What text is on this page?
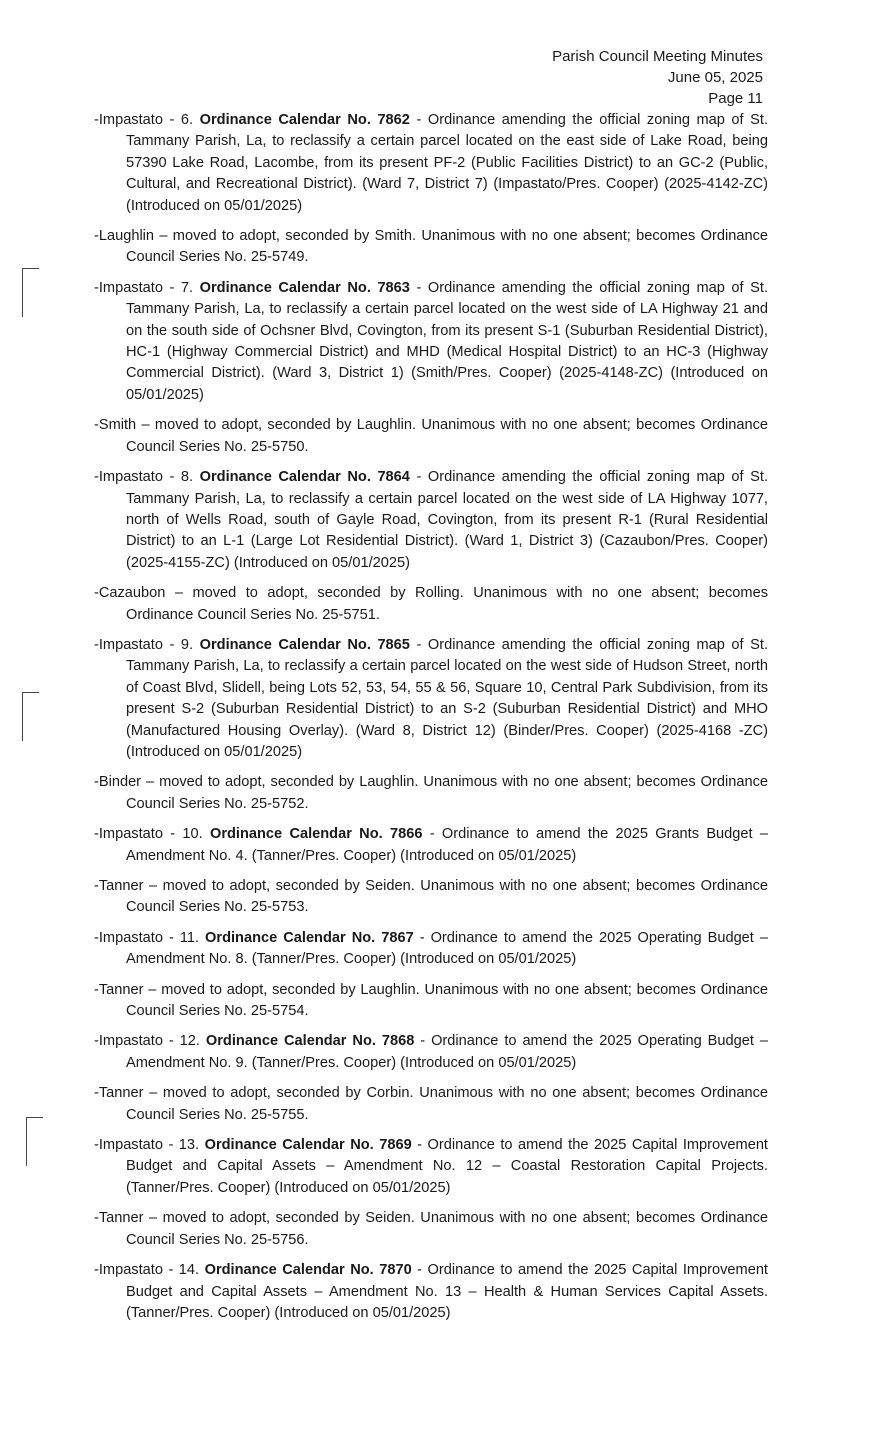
Parish Council Meeting Minutes
June 05, 2025
Page 11

-Impastato - 6. Ordinance Calendar No. 7862 - Ordinance amending the official zoning map of St. Tammany Parish, La, to reclassify a certain parcel located on the east side of Lake Road, being 57390 Lake Road, Lacombe, from its present PF-2 (Public Facilities District) to an GC-2 (Public, Cultural, and Recreational District). (Ward 7, District 7) (Impastato/Pres. Cooper) (2025-4142-ZC) (Introduced on 05/01/2025)

-Laughlin – moved to adopt, seconded by Smith. Unanimous with no one absent; becomes Ordinance Council Series No. 25-5749.

-Impastato - 7. Ordinance Calendar No. 7863 - Ordinance amending the official zoning map of St. Tammany Parish, La, to reclassify a certain parcel located on the west side of LA Highway 21 and on the south side of Ochsner Blvd, Covington, from its present S-1 (Suburban Residential District), HC-1 (Highway Commercial District) and MHD (Medical Hospital District) to an HC-3 (Highway Commercial District). (Ward 3, District 1) (Smith/Pres. Cooper) (2025-4148-ZC) (Introduced on 05/01/2025)

-Smith – moved to adopt, seconded by Laughlin. Unanimous with no one absent; becomes Ordinance Council Series No. 25-5750.

-Impastato - 8. Ordinance Calendar No. 7864 - Ordinance amending the official zoning map of St. Tammany Parish, La, to reclassify a certain parcel located on the west side of LA Highway 1077, north of Wells Road, south of Gayle Road, Covington, from its present R-1 (Rural Residential District) to an L-1 (Large Lot Residential District). (Ward 1, District 3) (Cazaubon/Pres. Cooper) (2025-4155-ZC) (Introduced on 05/01/2025)

-Cazaubon – moved to adopt, seconded by Rolling. Unanimous with no one absent; becomes Ordinance Council Series No. 25-5751.

-Impastato - 9. Ordinance Calendar No. 7865 - Ordinance amending the official zoning map of St. Tammany Parish, La, to reclassify a certain parcel located on the west side of Hudson Street, north of Coast Blvd, Slidell, being Lots 52, 53, 54, 55 & 56, Square 10, Central Park Subdivision, from its present S-2 (Suburban Residential District) to an S-2 (Suburban Residential District) and MHO (Manufactured Housing Overlay). (Ward 8, District 12) (Binder/Pres. Cooper) (2025-4168 -ZC) (Introduced on 05/01/2025)

-Binder – moved to adopt, seconded by Laughlin. Unanimous with no one absent; becomes Ordinance Council Series No. 25-5752.

-Impastato - 10. Ordinance Calendar No. 7866 - Ordinance to amend the 2025 Grants Budget – Amendment No. 4. (Tanner/Pres. Cooper) (Introduced on 05/01/2025)

-Tanner – moved to adopt, seconded by Seiden. Unanimous with no one absent; becomes Ordinance Council Series No. 25-5753.

-Impastato - 11. Ordinance Calendar No. 7867 - Ordinance to amend the 2025 Operating Budget – Amendment No. 8. (Tanner/Pres. Cooper) (Introduced on 05/01/2025)

-Tanner – moved to adopt, seconded by Laughlin. Unanimous with no one absent; becomes Ordinance Council Series No. 25-5754.

-Impastato - 12. Ordinance Calendar No. 7868 - Ordinance to amend the 2025 Operating Budget – Amendment No. 9. (Tanner/Pres. Cooper) (Introduced on 05/01/2025)

-Tanner – moved to adopt, seconded by Corbin. Unanimous with no one absent; becomes Ordinance Council Series No. 25-5755.

-Impastato - 13. Ordinance Calendar No. 7869 - Ordinance to amend the 2025 Capital Improvement Budget and Capital Assets – Amendment No. 12 – Coastal Restoration Capital Projects. (Tanner/Pres. Cooper) (Introduced on 05/01/2025)

-Tanner – moved to adopt, seconded by Seiden. Unanimous with no one absent; becomes Ordinance Council Series No. 25-5756.

-Impastato - 14. Ordinance Calendar No. 7870 - Ordinance to amend the 2025 Capital Improvement Budget and Capital Assets – Amendment No. 13 – Health & Human Services Capital Assets. (Tanner/Pres. Cooper) (Introduced on 05/01/2025)
